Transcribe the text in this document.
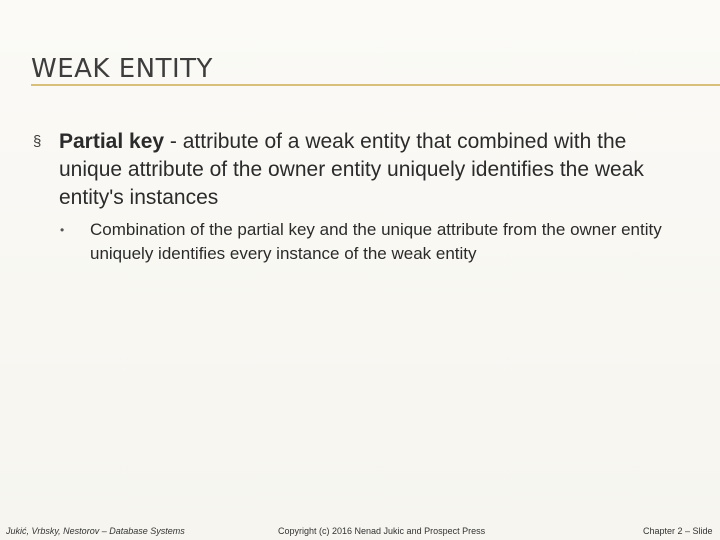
WEAK ENTITY
§ Partial key - attribute of a weak entity that combined with the unique attribute of the owner entity uniquely identifies the weak entity's instances
• Combination of the partial key and the unique attribute from the owner entity uniquely identifies every instance of the weak entity
Jukić, Vrbsky, Nestorov – Database Systems	Copyright (c) 2016 Nenad Jukic and Prospect Press	Chapter 2 – Slide
